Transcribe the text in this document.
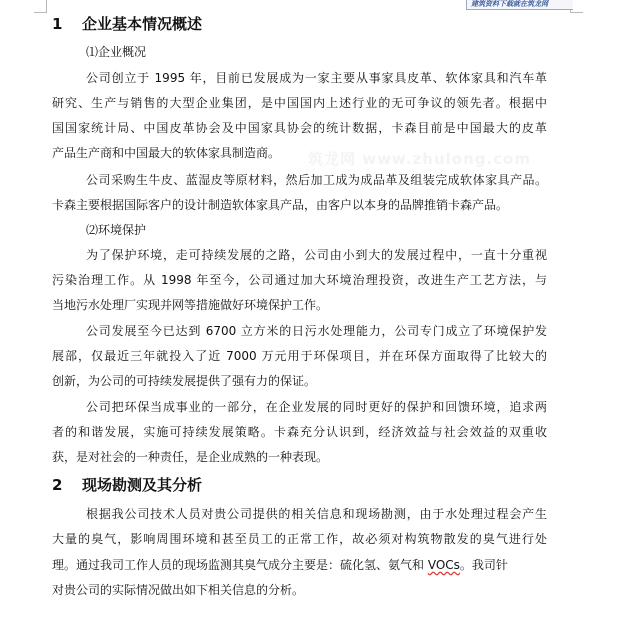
建筑资料下载就在筑龙网
筑龙网 www.zhulong.com
1 企业基本情况概述
⑴企业概况
公司创立于 1995 年，目前已发展成为一家主要从事家具皮革、软体家具和汽车革
研究、生产与销售的大型企业集团，是中国国内上述行业的无可争议的领先者。根据中
国国家统计局、中国皮革协会及中国家具协会的统计数据，卡森目前是中国最大的皮革
产品生产商和中国最大的软体家具制造商。
公司采购生牛皮、蓝湿皮等原材料，然后加工成为成品革及组装完成软体家具产品。
卡森主要根据国际客户的设计制造软体家具产品，由客户以本身的品牌推销卡森产品。
⑵环境保护
为了保护环境，走可持续发展的之路，公司由小到大的发展过程中，一直十分重视
污染治理工作。从 1998 年至今，公司通过加大环境治理投资，改进生产工艺方法，与
当地污水处理厂实现并网等措施做好环境保护工作。
公司发展至今已达到 6700 立方米的日污水处理能力，公司专门成立了环境保护发
展部，仅最近三年就投入了近 7000 万元用于环保项目，并在环保方面取得了比较大的
创新，为公司的可持续发展提供了强有力的保证。
公司把环保当成事业的一部分，在企业发展的同时更好的保护和回馈环境，追求两
者的和谐发展，实施可持续发展策略。卡森充分认识到，经济效益与社会效益的双重收
获，是对社会的一种责任，是企业成熟的一种表现。
2 现场勘测及其分析
根据我公司技术人员对贵公司提供的相关信息和现场勘测，由于水处理过程会产生
大量的臭气，影响周围环境和甚至员工的正常工作，故必须对构筑物散发的臭气进行处
理。通过我司工作人员的现场监测其臭气成分主要是：硫化氢、氨气和 VOCs。我司针
对贵公司的实际情况做出如下相关信息的分析。
